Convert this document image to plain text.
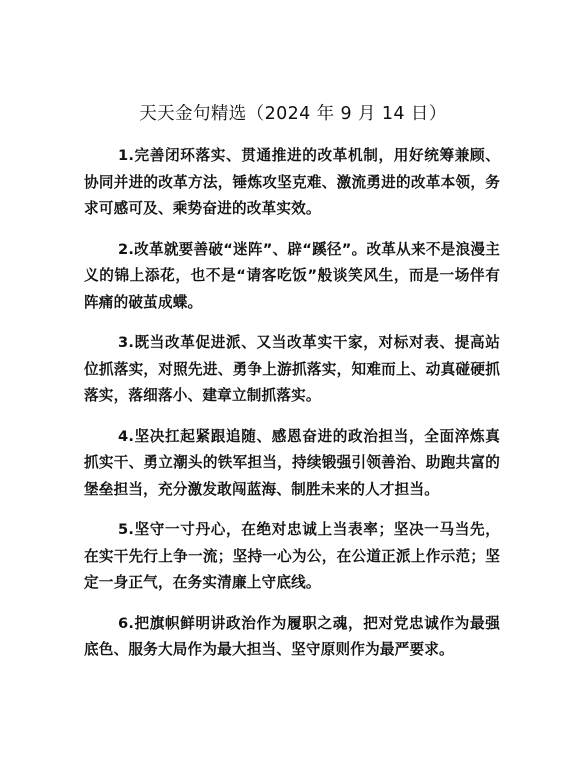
天天金句精选（2024 年 9 月 14 日）

1.完善闭环落实、贯通推进的改革机制，用好统筹兼顾、协同并进的改革方法，锤炼攻坚克难、激流勇进的改革本领，务求可感可及、乘势奋进的改革实效。

2.改革就要善破“迷阵”、辟“蹊径”。改革从来不是浪漫主义的锦上添花，也不是“请客吃饭”般谈笑风生，而是一场伴有阵痛的破茧成蝶。

3.既当改革促进派、又当改革实干家，对标对表、提高站位抓落实，对照先进、勇争上游抓落实，知难而上、动真碰硬抓落实，落细落小、建章立制抓落实。

4.坚决扛起紧跟追随、感恩奋进的政治担当，全面淬炼真抓实干、勇立潮头的铁军担当，持续锻强引领善治、助跑共富的堡垒担当，充分激发敢闯蓝海、制胜未来的人才担当。

5.坚守一寸丹心，在绝对忠诚上当表率；坚决一马当先，在实干先行上争一流；坚持一心为公，在公道正派上作示范；坚定一身正气，在务实清廉上守底线。

6.把旗帜鲜明讲政治作为履职之魂，把对党忠诚作为最强底色、服务大局作为最大担当、坚守原则作为最严要求。
